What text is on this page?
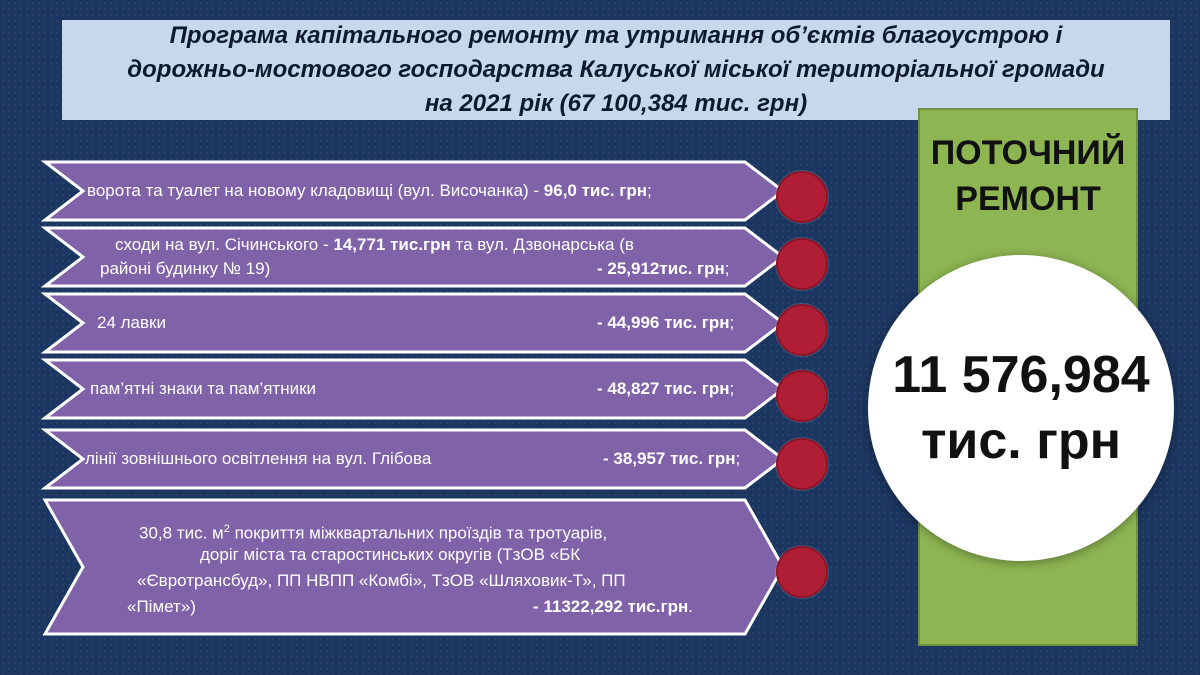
Програма капітального ремонту та утримання об’єктів благоустрою і
дорожньо-мостового господарства Калуської міської територіальної громади
на 2021 рік (67 100,384 тис. грн)
ворота та туалет на новому кладовищі (вул. Височанка) - 96,0 тис. грн;
сходи на вул. Січинського - 14,771 тис.грн та вул. Дзвонарська (в
районі будинку № 19)	- 25,912тис. грн;
24 лавки	- 44,996 тис. грн;
пам’ятні знаки та пам’ятники	- 48,827 тис. грн;
лінії зовнішнього освітлення на вул. Глібова	- 38,957 тис. грн;
30,8 тис. $м^2$ покриття міжквартальних проїздів та тротуарів,
доріг міста та старостинських округів (ТзОВ «БК
«Євротрансбуд», ПП НВПП «Комбі», ТзОВ «Шляховик-Т», ПП
«Пімет»)	- 11322,292 тис.грн.
ПОТОЧНИЙ
РЕМОНТ
11 576,984
тис. грн
